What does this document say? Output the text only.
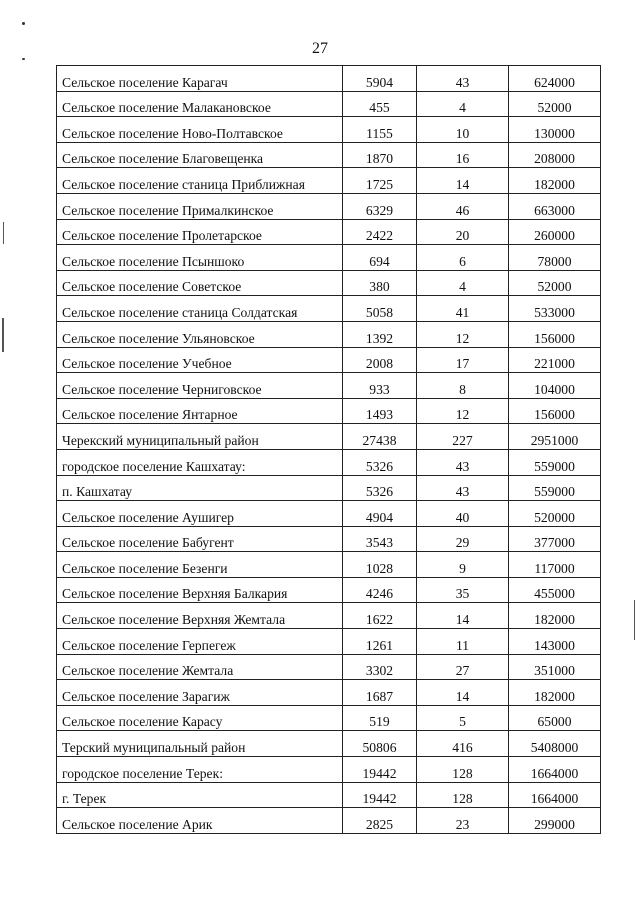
27
Сельское поселение Карагач	5904	43	624000
Сельское поселение Малакановское	455	4	52000
Сельское поселение Ново-Полтавское	1155	10	130000
Сельское поселение Благовещенка	1870	16	208000
Сельское поселение станица Приближная	1725	14	182000
Сельское поселение Прималкинское	6329	46	663000
Сельское поселение Пролетарское	2422	20	260000
Сельское поселение Псыншоко	694	6	78000
Сельское поселение Советское	380	4	52000
Сельское поселение станица Солдатская	5058	41	533000
Сельское поселение Ульяновское	1392	12	156000
Сельское поселение Учебное	2008	17	221000
Сельское поселение Черниговское	933	8	104000
Сельское поселение Янтарное	1493	12	156000
Черекский муниципальный район	27438	227	2951000
городское поселение Кашхатау:	5326	43	559000
п. Кашхатау	5326	43	559000
Сельское поселение Аушигер	4904	40	520000
Сельское поселение Бабугент	3543	29	377000
Сельское поселение Безенги	1028	9	117000
Сельское поселение Верхняя Балкария	4246	35	455000
Сельское поселение Верхняя Жемтала	1622	14	182000
Сельское поселение Герпегеж	1261	11	143000
Сельское поселение Жемтала	3302	27	351000
Сельское поселение Зарагиж	1687	14	182000
Сельское поселение Карасу	519	5	65000
Терский муниципальный район	50806	416	5408000
городское поселение Терек:	19442	128	1664000
г. Терек	19442	128	1664000
Сельское поселение Арик	2825	23	299000
